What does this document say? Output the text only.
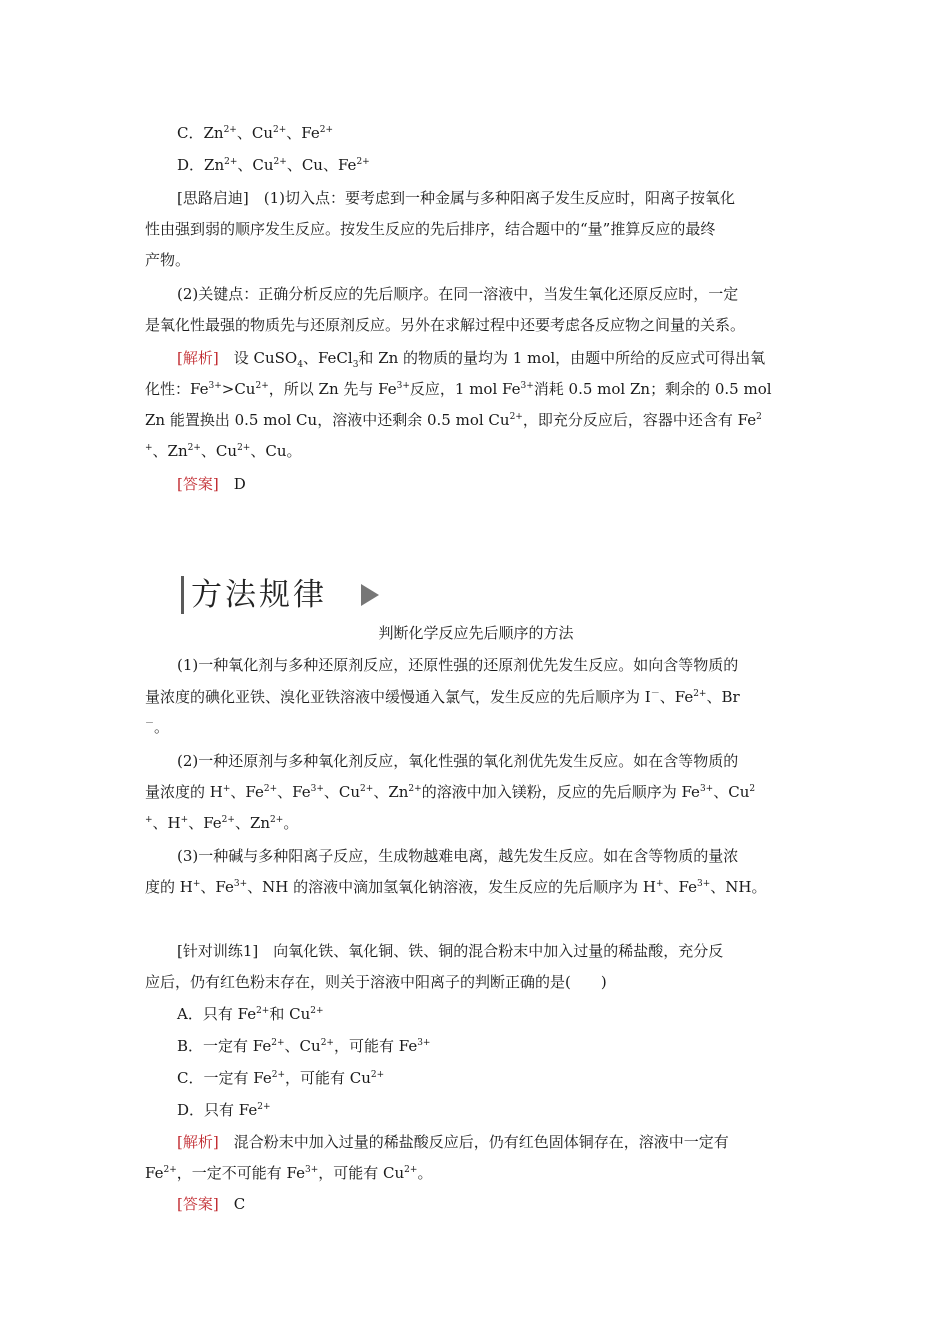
C．$Zn^{2+}$、$Cu^{2+}$、$Fe^{2+}$
D．$Zn^{2+}$、$Cu^{2+}$、Cu、$Fe^{2+}$
[思路启迪]　 (1)切入点：要考虑到一种金属与多种阳离子发生反应时，阳离子按氧化
性由强到弱的顺序发生反应。按发生反应的先后排序，结合题中的“量”推算反应的最终
产物。
(2)关键点：正确分析反应的先后顺序。在同一溶液中，当发生氧化还原反应时，一定
是氧化性最强的物质先与还原剂反应。另外在求解过程中还要考虑各反应物之间量的关系。
[解析]　设 CuSO$_4$、FeCl$_3$和 Zn 的物质的量均为 1 mol，由题中所给的反应式可得出氧
化性：$Fe^{3+}>Cu^{2+}$，所以 Zn 先与 $Fe^{3+}$反应，1 mol $Fe^{3+}$消耗 0.5 mol Zn；剩余的 0.5 mol
Zn 能置换出 0.5 mol Cu，溶液中还剩余 0.5 mol $Cu^{2+}$，即充分反应后，容器中还含有 Fe$^2$
+、$Zn^{2+}$、$Cu^{2+}$、Cu。
[答案]　 D
方法规律
判断化学反应先后顺序的方法
(1)一种氧化剂与多种还原剂反应，还原性强的还原剂优先发生反应。如向含等物质的
量浓度的碘化亚铁、溴化亚铁溶液中缓慢通入氯气，发生反应的先后顺序为 I－、$Fe^{2+}$、Br
－。
(2)一种还原剂与多种氧化剂反应，氧化性强的氧化剂优先发生反应。如在含等物质的
量浓度的 H+、$Fe^{2+}$、$Fe^{3+}$、$Cu^{2+}$、$Zn^{2+}$的溶液中加入镁粉，反应的先后顺序为 $Fe^{3+}$、Cu$^2$
+、H+、$Fe^{2+}$、$Zn^{2+}$。
(3)一种碱与多种阳离子反应，生成物越难电离，越先发生反应。如在含等物质的量浓
度的 H+、$Fe^{3+}$、NH 的溶液中滴加氢氧化钠溶液，发生反应的先后顺序为 H+、$Fe^{3+}$、NH。
[针对训练1]　向氧化铁、氧化铜、铁、铜的混合粉末中加入过量的稀盐酸，充分反
应后，仍有红色粉末存在，则关于溶液中阳离子的判断正确的是(　　)
A．只有 $Fe^{2+}$和 $Cu^{2+}$
B．一定有 $Fe^{2+}$、$Cu^{2+}$，可能有 $Fe^{3+}$
C．一定有 $Fe^{2+}$，可能有 $Cu^{2+}$
D．只有 $Fe^{2+}$
[解析]　混合粉末中加入过量的稀盐酸反应后，仍有红色固体铜存在，溶液中一定有
$Fe^{2+}$，一定不可能有 $Fe^{3+}$，可能有 $Cu^{2+}$。
[答案]　 C
